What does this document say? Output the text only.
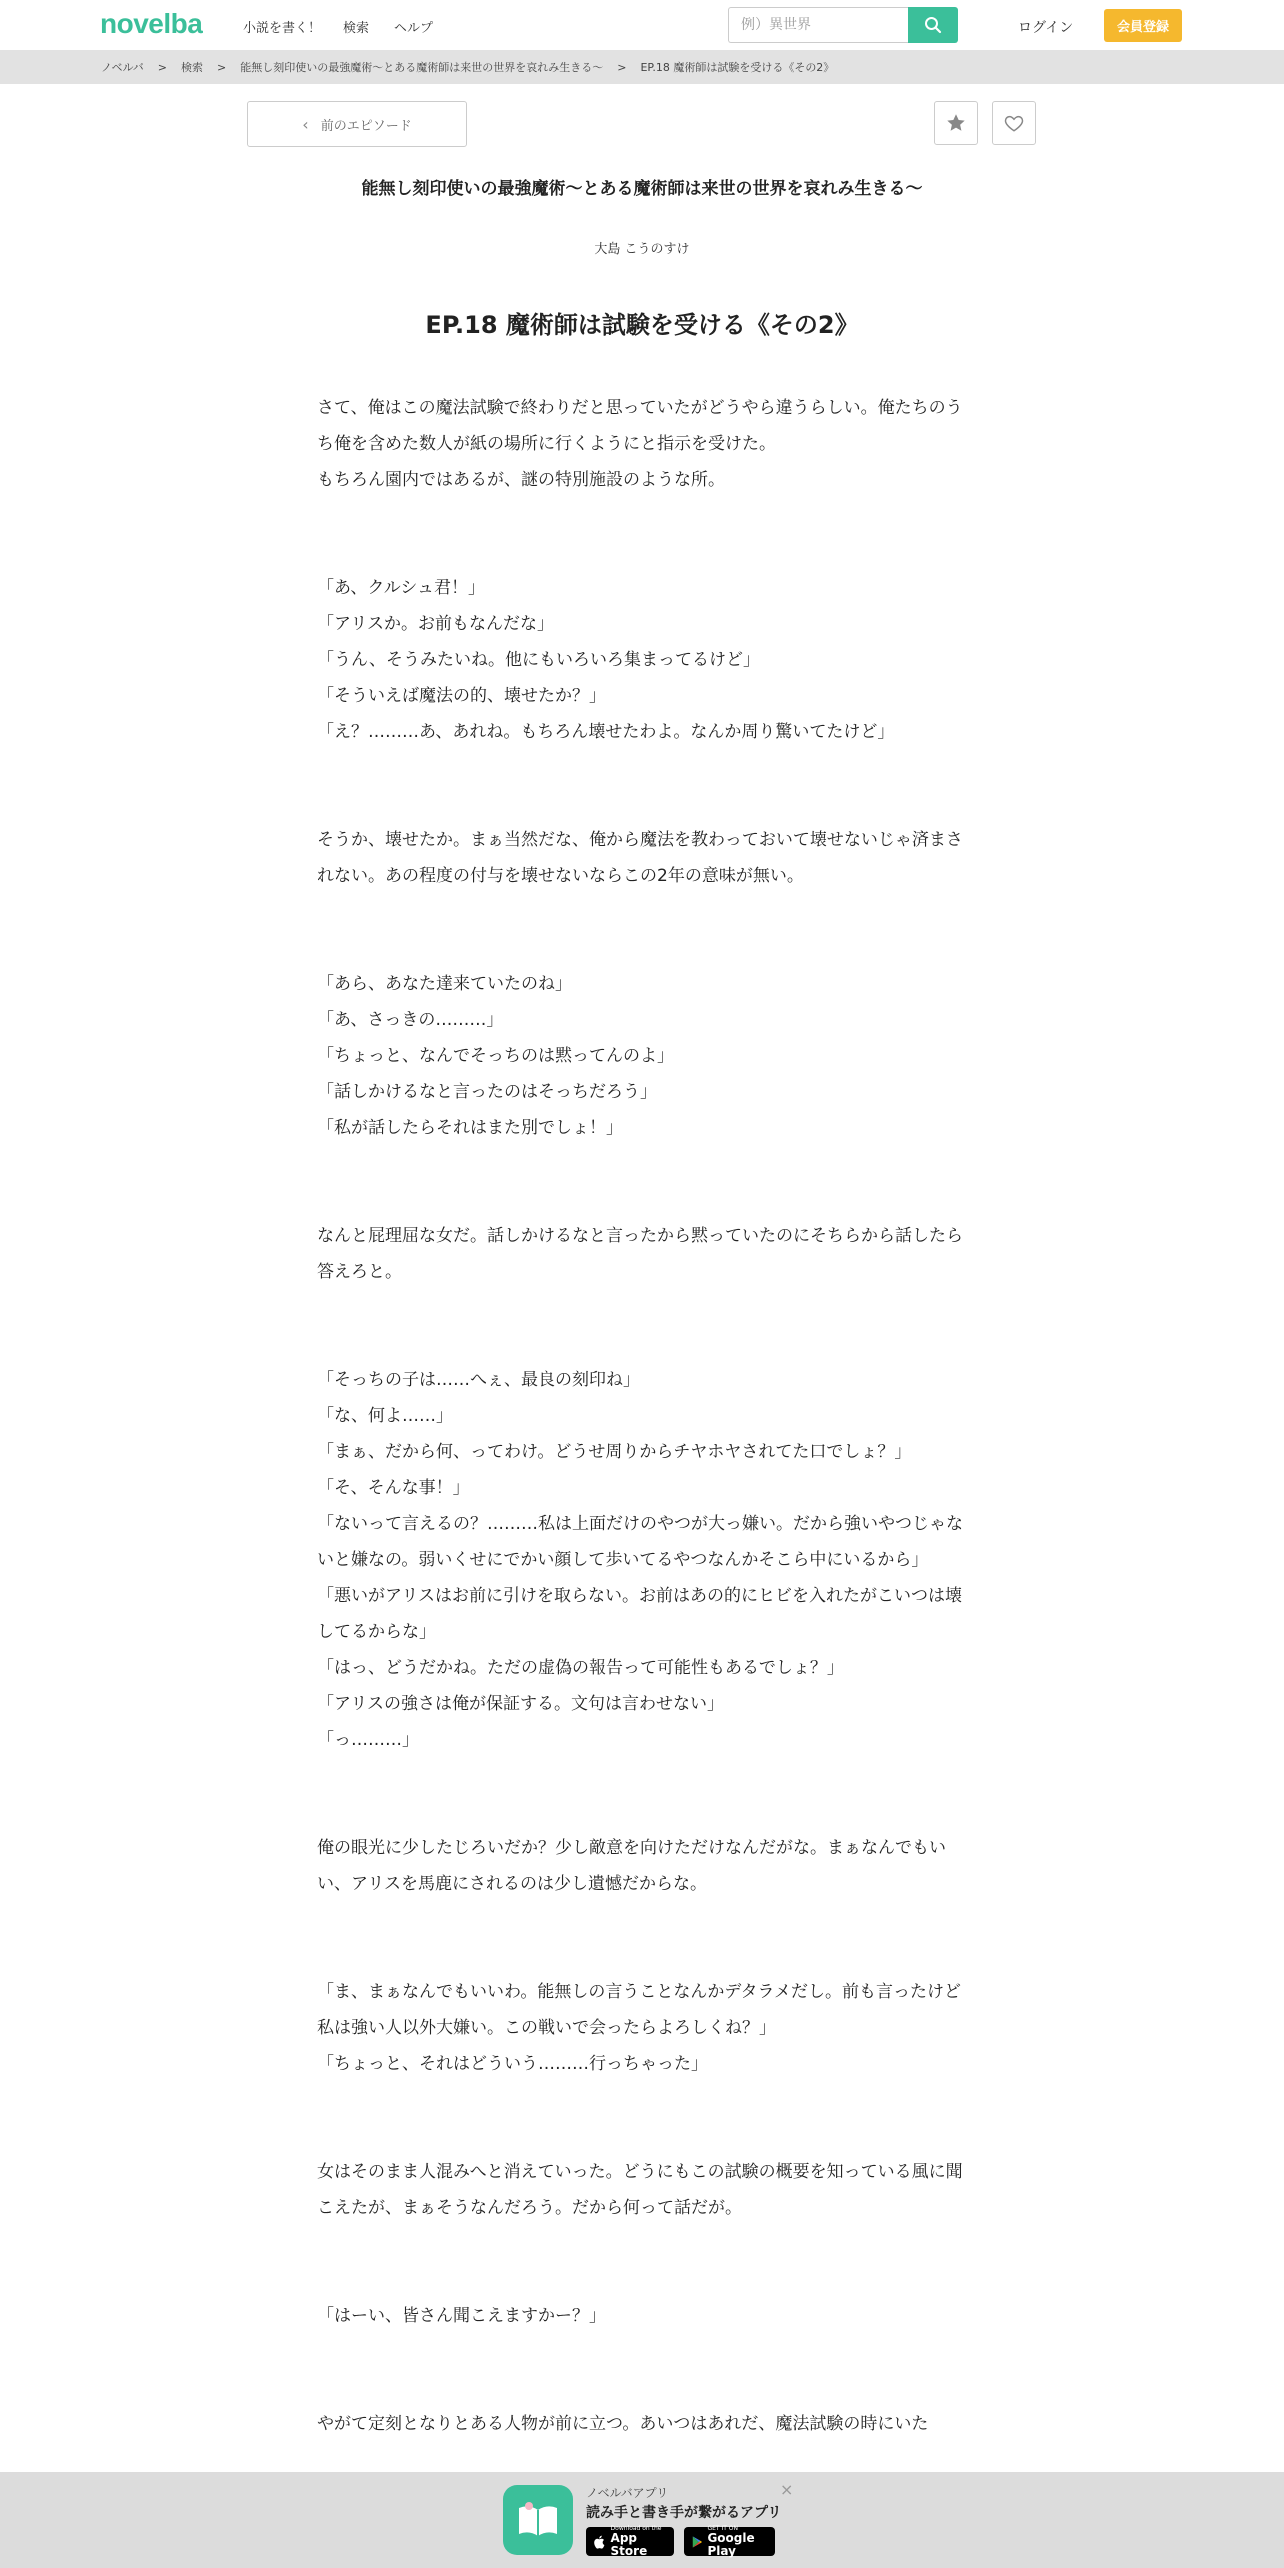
novelba	小説を書く！ 検索 ヘルプ
例）異世界	ログイン	会員登録
ノベルバ > 検索 > 能無し刻印使いの最強魔術〜とある魔術師は来世の世界を哀れみ生きる〜 > EP.18 魔術師は試験を受ける《その2》
‹ 前のエピソード
能無し刻印使いの最強魔術〜とある魔術師は来世の世界を哀れみ生きる〜
大島 こうのすけ
EP.18 魔術師は試験を受ける《その2》
さて、俺はこの魔法試験で終わりだと思っていたがどうやら違うらしい。俺たちのうち俺を含めた数人が紙の場所に行くようにと指示を受けた。
もちろん園内ではあるが、謎の特別施設のような所。
「あ、クルシュ君！」
「アリスか。お前もなんだな」
「うん、そうみたいね。他にもいろいろ集まってるけど」
「そういえば魔法の的、壊せたか？」
「え？………あ、あれね。もちろん壊せたわよ。なんか周り驚いてたけど」
そうか、壊せたか。まぁ当然だな、俺から魔法を教わっておいて壊せないじゃ済まされない。あの程度の付与を壊せないならこの2年の意味が無い。
「あら、あなた達来ていたのね」
「あ、さっきの………」
「ちょっと、なんでそっちのは黙ってんのよ」
「話しかけるなと言ったのはそっちだろう」
「私が話したらそれはまた別でしょ！」
なんと屁理屈な女だ。話しかけるなと言ったから黙っていたのにそちらから話したら答えろと。
「そっちの子は……へぇ、最良の刻印ね」
「な、何よ……」
「まぁ、だから何、ってわけ。どうせ周りからチヤホヤされてた口でしょ？」
「そ、そんな事！」
「ないって言えるの？………私は上面だけのやつが大っ嫌い。だから強いやつじゃないと嫌なの。弱いくせにでかい顔して歩いてるやつなんかそこら中にいるから」
「悪いがアリスはお前に引けを取らない。お前はあの的にヒビを入れたがこいつは壊してるからな」
「はっ、どうだかね。ただの虚偽の報告って可能性もあるでしょ？」
「アリスの強さは俺が保証する。文句は言わせない」
「っ………」
俺の眼光に少したじろいだか？少し敵意を向けただけなんだがな。まぁなんでもいい、アリスを馬鹿にされるのは少し遺憾だからな。
「ま、まぁなんでもいいわ。能無しの言うことなんかデタラメだし。前も言ったけど私は強い人以外大嫌い。この戦いで会ったらよろしくね？」
「ちょっと、それはどういう………行っちゃった」
女はそのまま人混みへと消えていった。どうにもこの試験の概要を知っている風に聞こえたが、まぁそうなんだろう。だから何って話だが。
「はーい、皆さん聞こえますかー？」
やがて定刻となりとある人物が前に立つ。あいつはあれだ、魔法試験の時にいた
ノベルバアプリ
読み手と書き手が繋がるアプリ
Download on the
App Store
GET IT ON
Google Play
×
